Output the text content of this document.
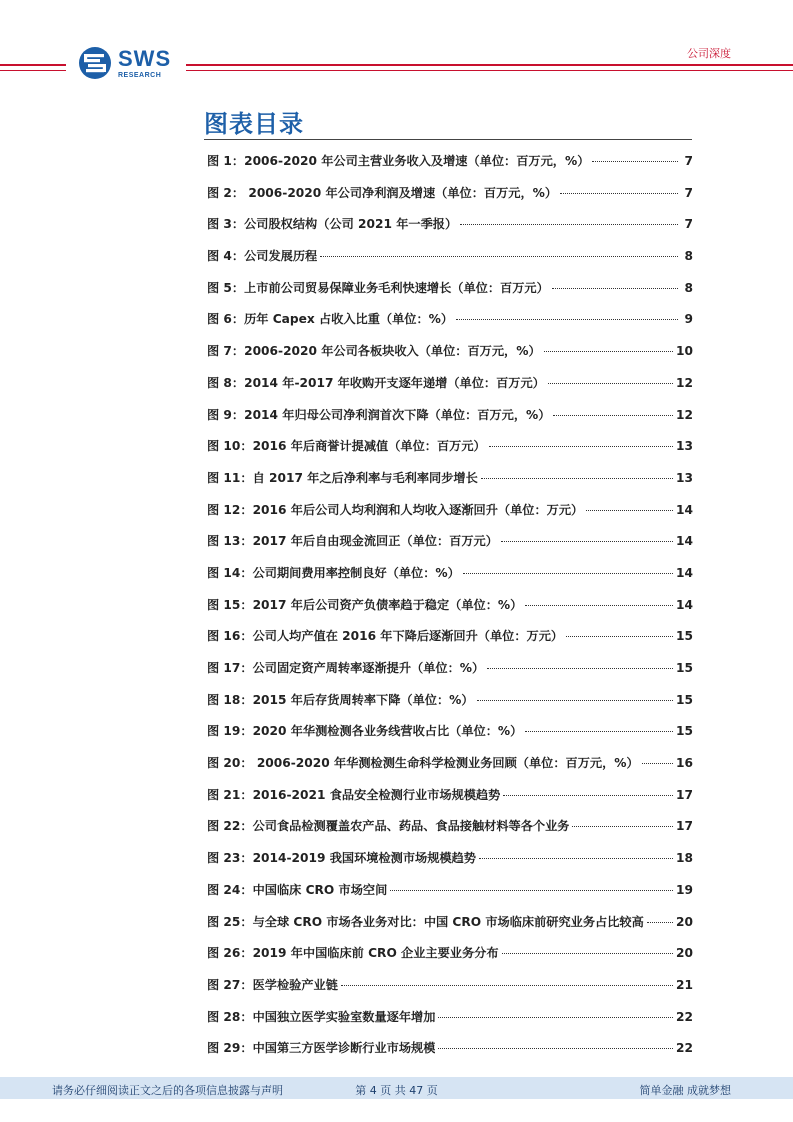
SWS
RESEARCH
公司深度
图表目录
图 1：2006-2020 年公司主营业务收入及增速（单位：百万元，%）	7
图 2： 2006-2020 年公司净利润及增速（单位：百万元，%）	7
图 3：公司股权结构（公司 2021 年一季报）	7
图 4：公司发展历程	8
图 5：上市前公司贸易保障业务毛利快速增长（单位：百万元）	8
图 6：历年 Capex 占收入比重（单位：%）	9
图 7：2006-2020 年公司各板块收入（单位：百万元，%）	10
图 8：2014 年-2017 年收购开支逐年递增（单位：百万元）	12
图 9：2014 年归母公司净利润首次下降（单位：百万元，%）	12
图 10：2016 年后商誉计提减值（单位：百万元）	13
图 11：自 2017 年之后净利率与毛利率同步增长	13
图 12：2016 年后公司人均利润和人均收入逐渐回升（单位：万元）	14
图 13：2017 年后自由现金流回正（单位：百万元）	14
图 14：公司期间费用率控制良好（单位：%）	14
图 15：2017 年后公司资产负债率趋于稳定（单位：%）	14
图 16：公司人均产值在 2016 年下降后逐渐回升（单位：万元）	15
图 17：公司固定资产周转率逐渐提升（单位：%）	15
图 18：2015 年后存货周转率下降（单位：%）	15
图 19：2020 年华测检测各业务线营收占比（单位：%）	15
图 20： 2006-2020 年华测检测生命科学检测业务回顾（单位：百万元，%）	16
图 21：2016-2021 食品安全检测行业市场规模趋势	17
图 22：公司食品检测覆盖农产品、药品、食品接触材料等各个业务	17
图 23：2014-2019 我国环境检测市场规模趋势	18
图 24：中国临床 CRO 市场空间	19
图 25：与全球 CRO 市场各业务对比：中国 CRO 市场临床前研究业务占比较高	20
图 26：2019 年中国临床前 CRO 企业主要业务分布	20
图 27：医学检验产业链	21
图 28：中国独立医学实验室数量逐年增加	22
图 29：中国第三方医学诊断行业市场规模	22
请务必仔细阅读正文之后的各项信息披露与声明	第 4 页 共 47 页	简单金融 成就梦想
